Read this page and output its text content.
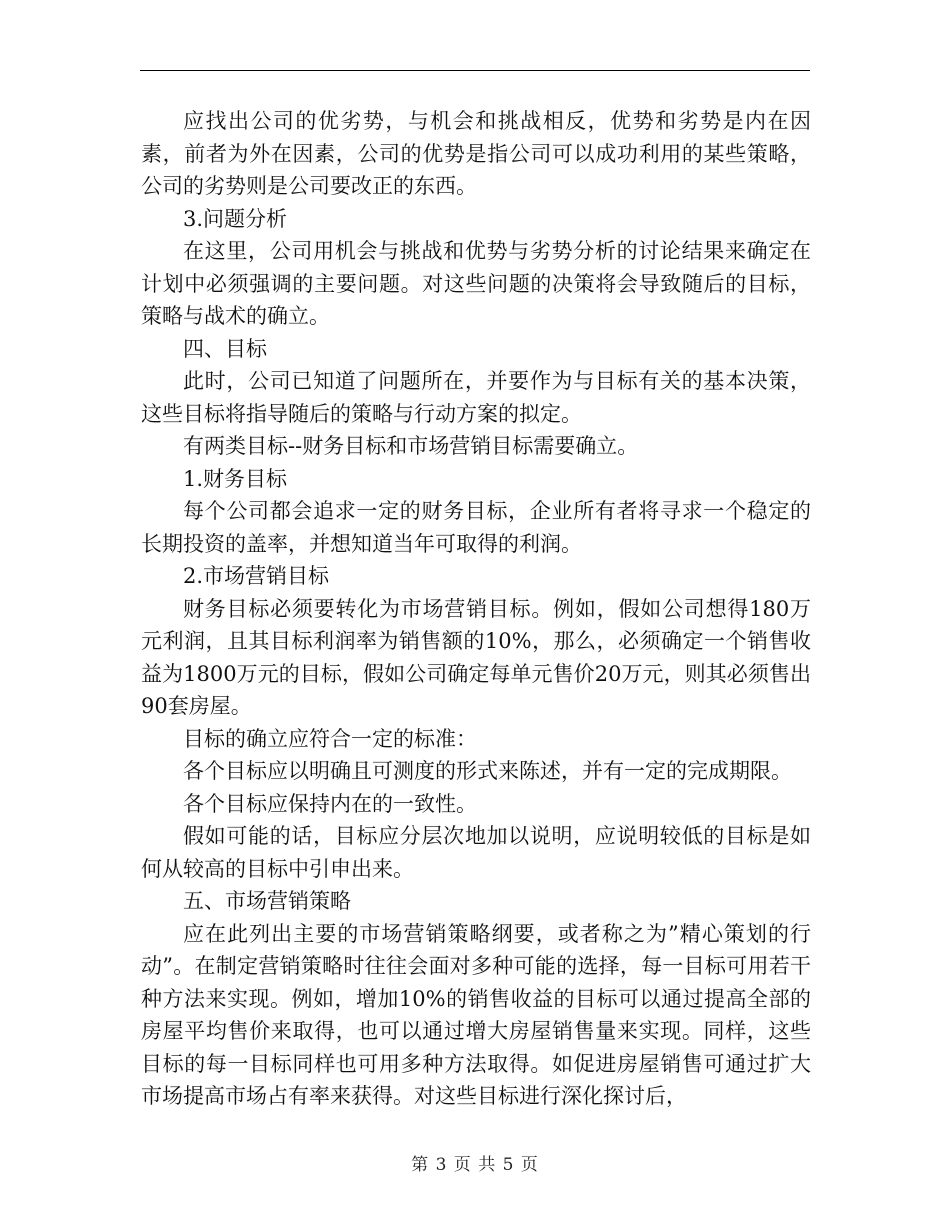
应找出公司的优劣势，与机会和挑战相反，优势和劣势是内在因素，前者为外在因素，公司的优势是指公司可以成功利用的某些策略，公司的劣势则是公司要改正的东西。

3.问题分析

在这里，公司用机会与挑战和优势与劣势分析的讨论结果来确定在计划中必须强调的主要问题。对这些问题的决策将会导致随后的目标，策略与战术的确立。

四、目标

此时，公司已知道了问题所在，并要作为与目标有关的基本决策，这些目标将指导随后的策略与行动方案的拟定。

有两类目标--财务目标和市场营销目标需要确立。

1.财务目标

每个公司都会追求一定的财务目标，企业所有者将寻求一个稳定的长期投资的盖率，并想知道当年可取得的利润。

2.市场营销目标

财务目标必须要转化为市场营销目标。例如，假如公司想得180万元利润，且其目标利润率为销售额的10%，那么，必须确定一个销售收益为1800万元的目标，假如公司确定每单元售价20万元，则其必须售出90套房屋。

目标的确立应符合一定的标准：

各个目标应以明确且可测度的形式来陈述，并有一定的完成期限。

各个目标应保持内在的一致性。

假如可能的话，目标应分层次地加以说明，应说明较低的目标是如何从较高的目标中引申出来。

五、市场营销策略

应在此列出主要的市场营销策略纲要，或者称之为”精心策划的行动”。在制定营销策略时往往会面对多种可能的选择，每一目标可用若干种方法来实现。例如，增加10%的销售收益的目标可以通过提高全部的房屋平均售价来取得，也可以通过增大房屋销售量来实现。同样，这些目标的每一目标同样也可用多种方法取得。如促进房屋销售可通过扩大市场提高市场占有率来获得。对这些目标进行深化探讨后，

第 3 页 共 5 页
